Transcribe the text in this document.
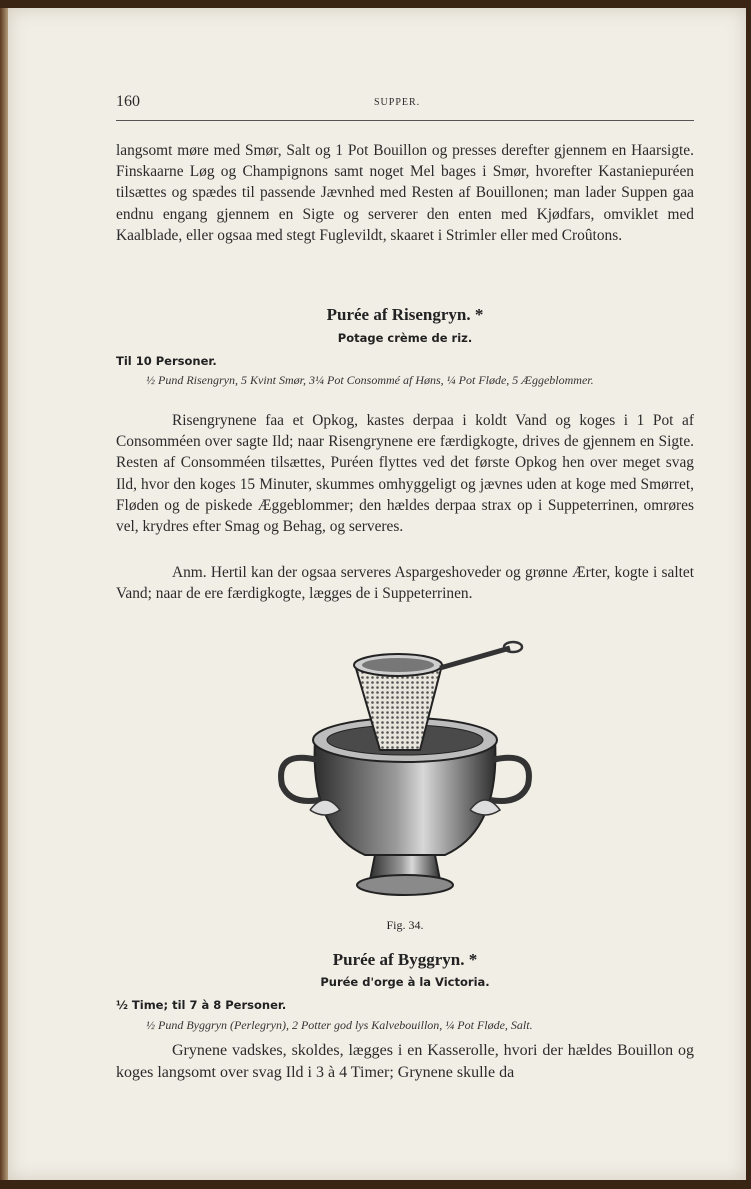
160	SUPPER.

langsomt møre med Smør, Salt og 1 Pot Bouillon og presses derefter gjennem en Haarsigte. Finskaarne Løg og Champignons samt noget Mel bages i Smør, hvorefter Kastaniepuréen tilsættes og spædes til passende Jævnhed med Resten af Bouillonen; man lader Suppen gaa endnu engang gjennem en Sigte og serverer den enten med Kjødfars, omviklet med Kaalblade, eller ogsaa med stegt Fuglevildt, skaaret i Strimler eller med Croûtons.

Purée af Risengryn. *
Potage crème de riz.
Til 10 Personer.

½ Pund Risengryn, 5 Kvint Smør, 3¼ Pot Consommé af Høns, ¼ Pot Fløde, 5 Æggeblommer.

Risengrynene faa et Opkog, kastes derpaa i koldt Vand og koges i 1 Pot af Consomméen over sagte Ild; naar Risengrynene ere færdigkogte, drives de gjennem en Sigte. Resten af Consomméen tilsættes, Puréen flyttes ved det første Opkog hen over meget svag Ild, hvor den koges 15 Minuter, skummes omhyggeligt og jævnes uden at koge med Smørret, Fløden og de piskede Æggeblommer; den hældes derpaa strax op i Suppeterrinen, omrøres vel, krydres efter Smag og Behag, og serveres.

Anm. Hertil kan der ogsaa serveres Aspargeshoveder og grønne Ærter, kogte i saltet Vand; naar de ere færdigkogte, lægges de i Suppeterrinen.

Fig. 34.
Purée af Byggryn. *
Purée d'orge à la Victoria.
½ Time; til 7 à 8 Personer.

½ Pund Byggryn (Perlegryn), 2 Potter god lys Kalvebouillon, ¼ Pot Fløde, Salt.

Grynene vadskes, skoldes, lægges i en Kasserolle, hvori der hældes Bouillon og koges langsomt over svag Ild i 3 à 4 Timer; Grynene skulle da
